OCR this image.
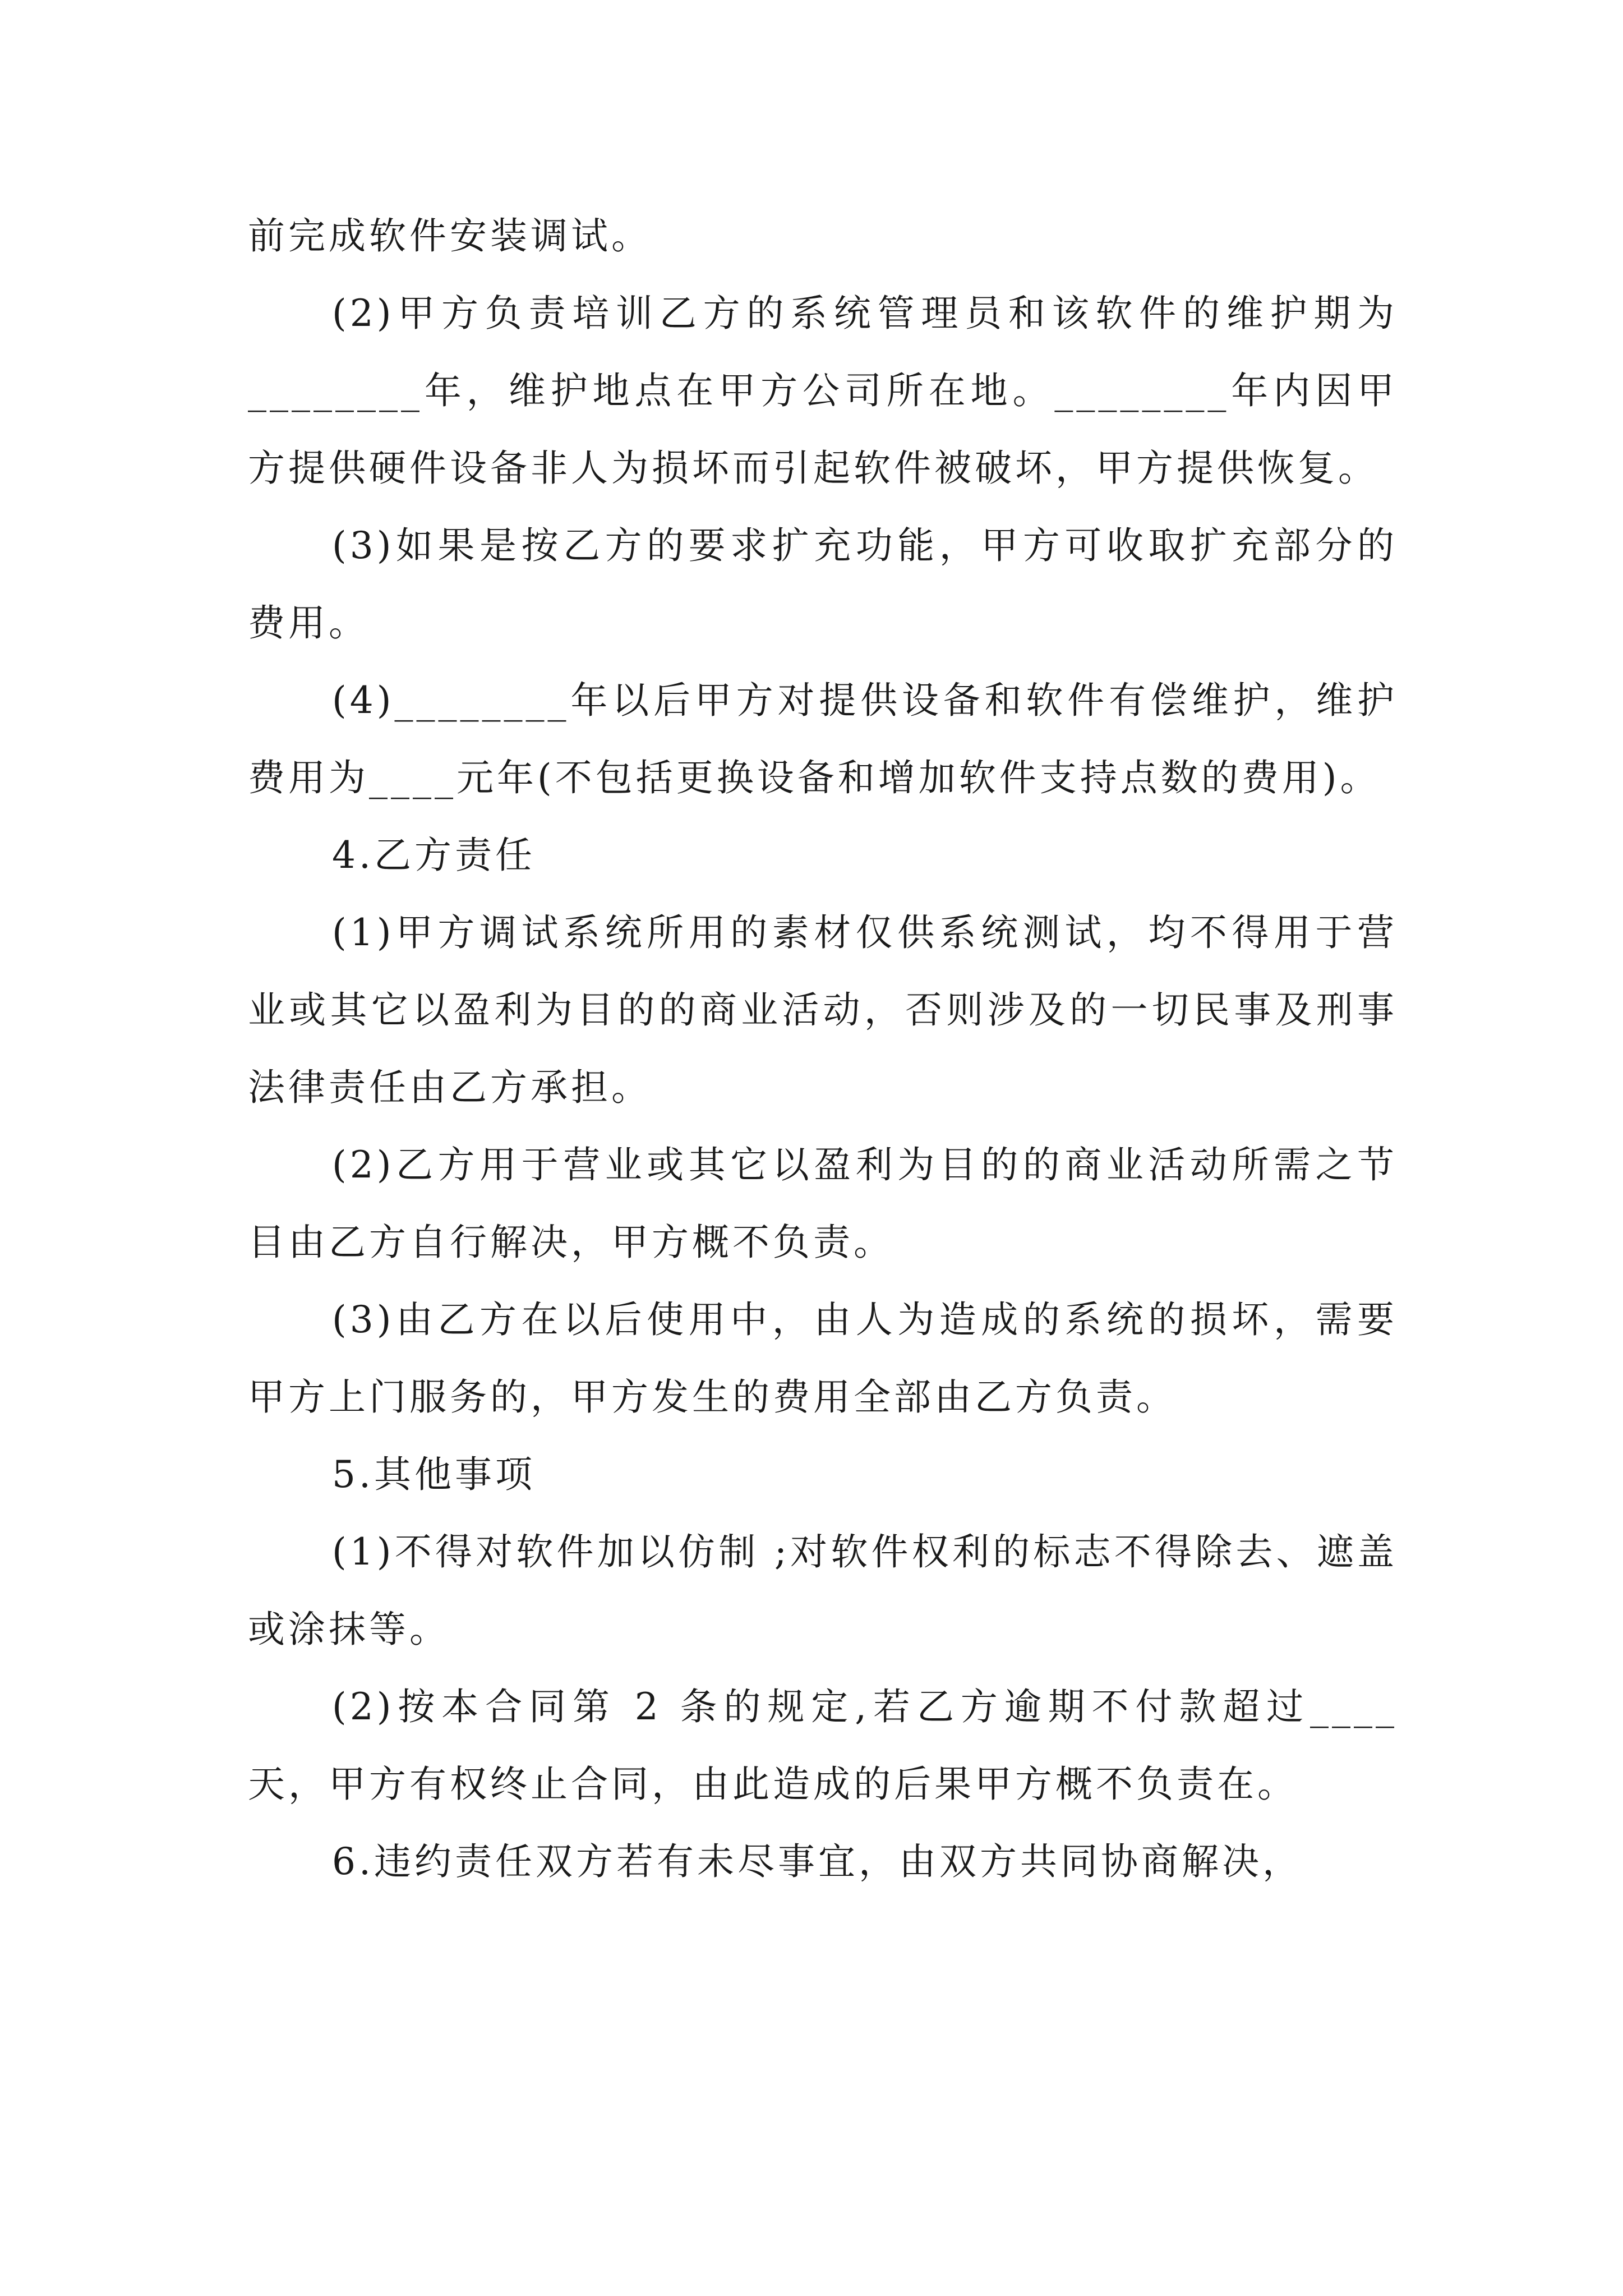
前完成软件安装调试。

(2)甲方负责培训乙方的系统管理员和该软件的维护期为________年，维护地点在甲方公司所在地。________年内因甲方提供硬件设备非人为损坏而引起软件被破坏，甲方提供恢复。

(3)如果是按乙方的要求扩充功能，甲方可收取扩充部分的费用。

(4)________年以后甲方对提供设备和软件有偿维护，维护费用为____元年(不包括更换设备和增加软件支持点数的费用)。

4.乙方责任

(1)甲方调试系统所用的素材仅供系统测试，均不得用于营业或其它以盈利为目的的商业活动，否则涉及的一切民事及刑事法律责任由乙方承担。

(2)乙方用于营业或其它以盈利为目的的商业活动所需之节目由乙方自行解决，甲方概不负责。

(3)由乙方在以后使用中，由人为造成的系统的损坏，需要甲方上门服务的，甲方发生的费用全部由乙方负责。

5.其他事项

(1)不得对软件加以仿制 ;对软件权利的标志不得除去、遮盖或涂抹等。

(2)按本合同第 2 条的规定,若乙方逾期不付款超过____天，甲方有权终止合同，由此造成的后果甲方概不负责在。

6.违约责任双方若有未尽事宜，由双方共同协商解决，
